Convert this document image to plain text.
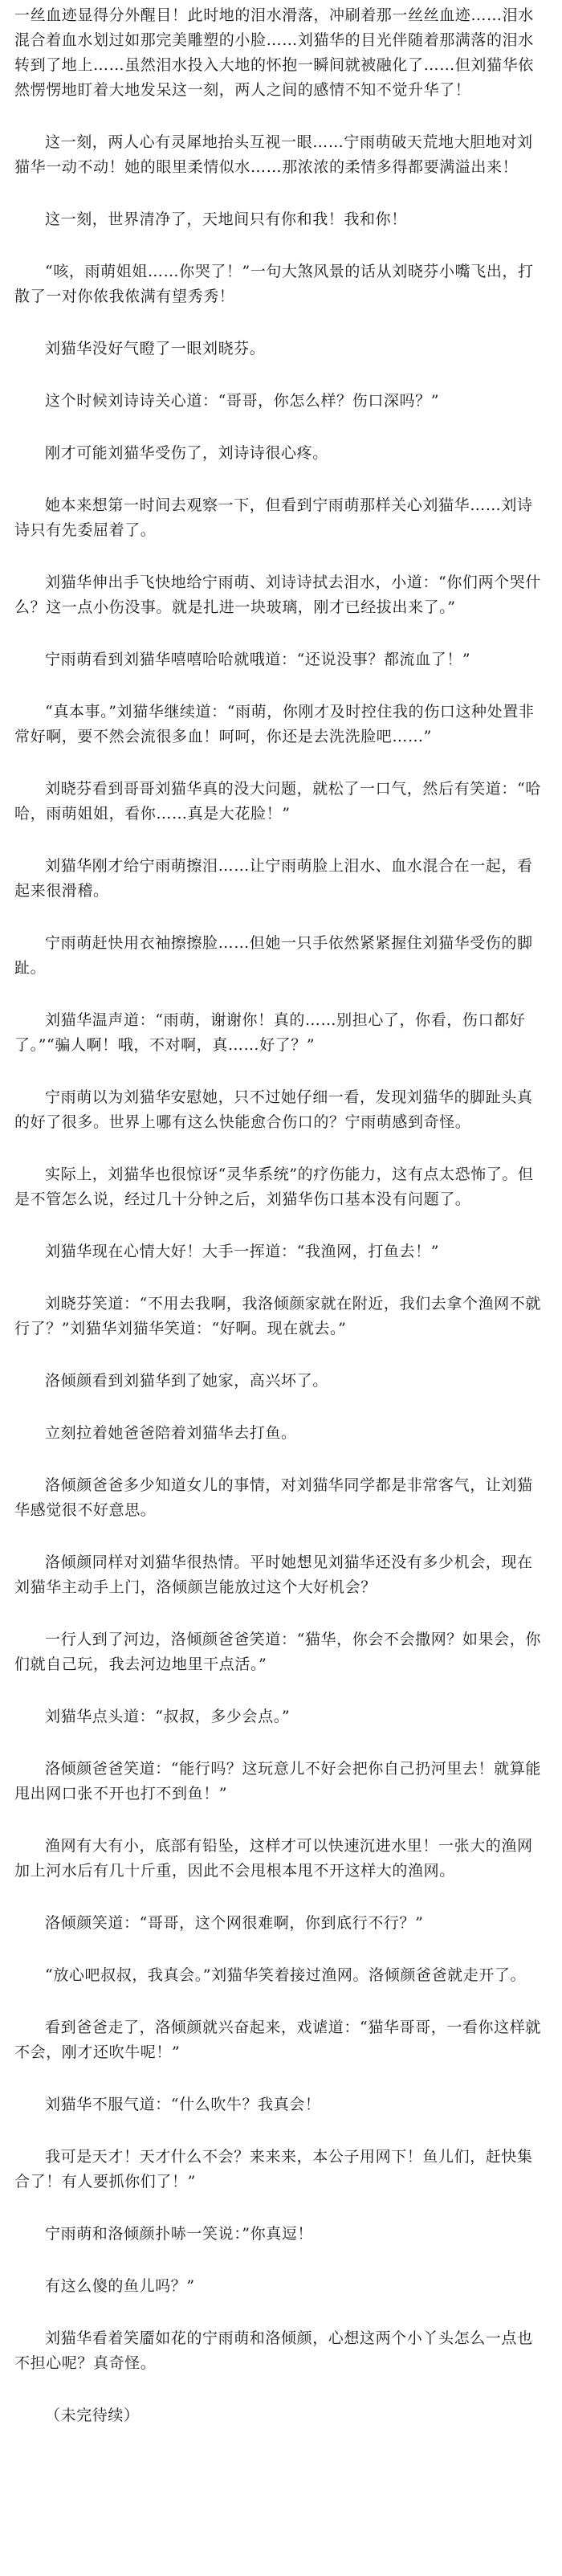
一丝血迹显得分外醒目！此时地的泪水滑落，冲刷着那一丝丝血迹……泪水混合着血水划过如那完美雕塑的小脸……刘猫华的目光伴随着那满落的泪水转到了地上……虽然泪水投入大地的怀抱一瞬间就被融化了……但刘猫华依然愣愣地盯着大地发呆这一刻，两人之间的感情不知不觉升华了！

这一刻，两人心有灵犀地抬头互视一眼……宁雨萌破天荒地大胆地对刘猫华一动不动！她的眼里柔情似水……那浓浓的柔情多得都要满溢出来！

这一刻，世界清净了，天地间只有你和我！我和你！

“咳，雨萌姐姐……你哭了！”一句大煞风景的话从刘晓芬小嘴飞出，打散了一对你侬我侬满有望秀秀！

刘猫华没好气瞪了一眼刘晓芬。

这个时候刘诗诗关心道：“哥哥，你怎么样？伤口深吗？”

刚才可能刘猫华受伤了，刘诗诗很心疼。

她本来想第一时间去观察一下，但看到宁雨萌那样关心刘猫华……刘诗诗只有先委屈着了。

刘猫华伸出手飞快地给宁雨萌、刘诗诗拭去泪水，小道：“你们两个哭什么？这一点小伤没事。就是扎进一块玻璃，刚才已经拔出来了。”

宁雨萌看到刘猫华嘻嘻哈哈就哦道：“还说没事？都流血了！”

“真本事。”刘猫华继续道：“雨萌，你刚才及时控住我的伤口这种处置非常好啊，要不然会流很多血！呵呵，你还是去洗洗脸吧……”

刘晓芬看到哥哥刘猫华真的没大问题，就松了一口气，然后有笑道：“哈哈，雨萌姐姐，看你……真是大花脸！”

刘猫华刚才给宁雨萌擦泪……让宁雨萌脸上泪水、血水混合在一起，看起来很滑稽。

宁雨萌赶快用衣袖擦擦脸……但她一只手依然紧紧握住刘猫华受伤的脚趾。

刘猫华温声道：“雨萌，谢谢你！真的……别担心了，你看，伤口都好了。”“骗人啊！哦，不对啊，真……好了？”

宁雨萌以为刘猫华安慰她，只不过她仔细一看，发现刘猫华的脚趾头真的好了很多。世界上哪有这么快能愈合伤口的？宁雨萌感到奇怪。

实际上，刘猫华也很惊讶“灵华系统”的疗伤能力，这有点太恐怖了。但是不管怎么说，经过几十分钟之后，刘猫华伤口基本没有问题了。

刘猫华现在心情大好！大手一挥道：“我渔网，打鱼去！”

刘晓芬笑道：“不用去我啊，我洛倾颜家就在附近，我们去拿个渔网不就行了？”刘猫华刘猫华笑道：“好啊。现在就去。”

洛倾颜看到刘猫华到了她家，高兴坏了。

立刻拉着她爸爸陪着刘猫华去打鱼。

洛倾颜爸爸多少知道女儿的事情，对刘猫华同学都是非常客气，让刘猫华感觉很不好意思。

洛倾颜同样对刘猫华很热情。平时她想见刘猫华还没有多少机会，现在刘猫华主动手上门，洛倾颜岂能放过这个大好机会？

一行人到了河边，洛倾颜爸爸笑道：“猫华，你会不会撒网？如果会，你们就自己玩，我去河边地里干点活。”

刘猫华点头道：“叔叔，多少会点。”

洛倾颜爸爸笑道：“能行吗？这玩意儿不好会把你自己扔河里去！就算能甩出网口张不开也打不到鱼！”

渔网有大有小，底部有铅坠，这样才可以快速沉进水里！一张大的渔网加上河水后有几十斤重，因此不会甩根本甩不开这样大的渔网。

洛倾颜笑道：“哥哥，这个网很难啊，你到底行不行？”

“放心吧叔叔，我真会。”刘猫华笑着接过渔网。洛倾颜爸爸就走开了。

看到爸爸走了，洛倾颜就兴奋起来，戏谑道：“猫华哥哥，一看你这样就不会，刚才还吹牛呢！”

刘猫华不服气道：“什么吹牛？我真会！

我可是天才！天才什么不会？来来来，本公子用网下！鱼儿们，赶快集合了！有人要抓你们了！”

宁雨萌和洛倾颜扑哧一笑说：”你真逗！

有这么傻的鱼儿吗？”

刘猫华看着笑靥如花的宁雨萌和洛倾颜，心想这两个小丫头怎么一点也不担心呢？真奇怪。

（未完待续）
